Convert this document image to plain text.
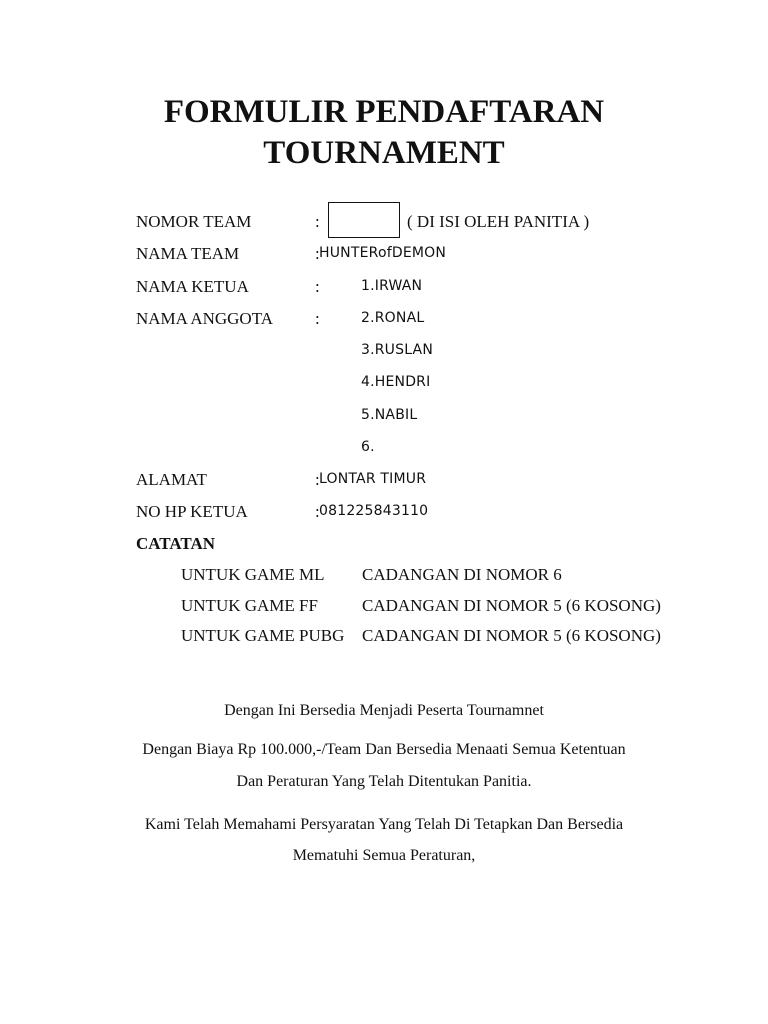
FORMULIR PENDAFTARAN
TOURNAMENT
NOMOR TEAM	:	( DI ISI OLEH PANITIA )
NAMA TEAM	: HUNTERofDEMON
NAMA KETUA	:	1.IRWAN
NAMA ANGGOTA :	2.RONAL
3.RUSLAN
4.HENDRI
5.NABIL
6.
ALAMAT	: LONTAR TIMUR
NO HP KETUA	: 081225843110
CATATAN
UNTUK GAME ML CADANGAN DI NOMOR 6
UNTUK GAME FF	CADANGAN DI NOMOR 5 (6 KOSONG)
UNTUK GAME PUBG CADANGAN DI NOMOR 5 (6 KOSONG)
Dengan Ini Bersedia Menjadi Peserta Tournamnet
Dengan Biaya Rp 100.000,-/Team Dan Bersedia Menaati Semua Ketentuan
Dan Peraturan Yang Telah Ditentukan Panitia.
Kami Telah Memahami Persyaratan Yang Telah Di Tetapkan Dan Bersedia
Mematuhi Semua Peraturan,
